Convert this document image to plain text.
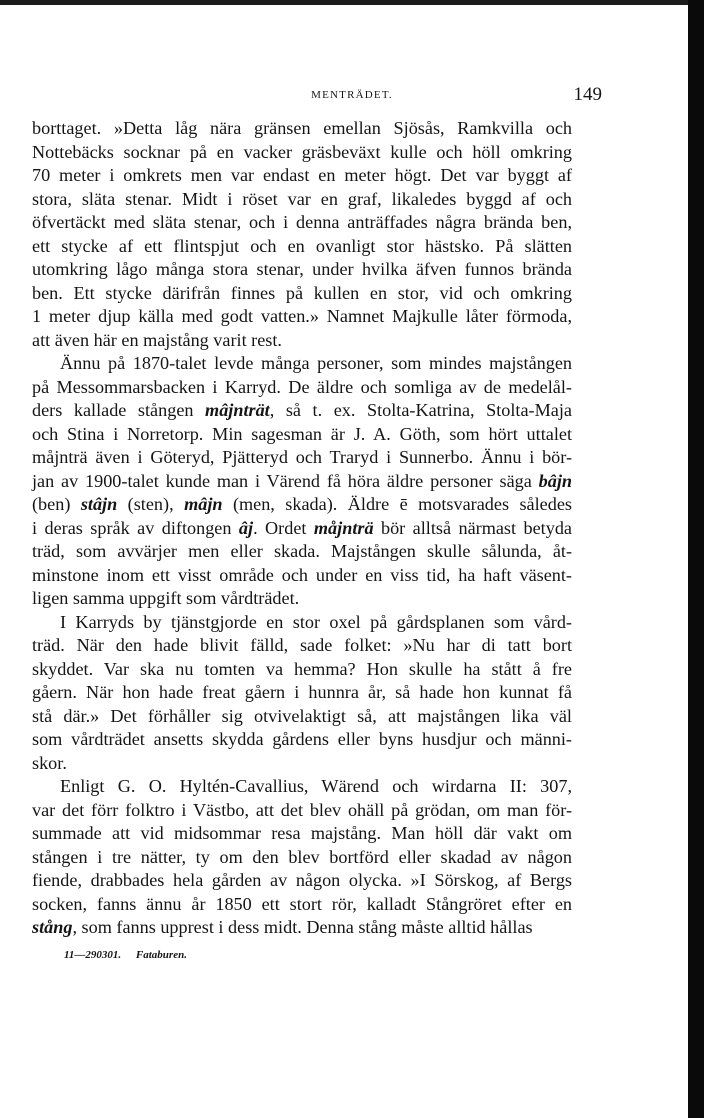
MENTRÄDET.	149
borttaget. »Detta låg nära gränsen emellan Sjösås, Ramkvilla och
Nottebäcks socknar på en vacker gräsbeväxt kulle och höll omkring
70 meter i omkrets men var endast en meter högt. Det var byggt af
stora, släta stenar. Midt i röset var en graf, likaledes byggd af och
öfvertäckt med släta stenar, och i denna anträffades några brända ben,
ett stycke af ett flintspjut och en ovanligt stor hästsko. På slätten
utomkring lågo många stora stenar, under hvilka äfven funnos brända
ben. Ett stycke därifrån finnes på kullen en stor, vid och omkring
1 meter djup källa med godt vatten.» Namnet Majkulle låter förmoda,
att även här en majstång varit rest.
Ännu på 1870-talet levde många personer, som mindes majstången
på Messommarsbacken i Karryd. De äldre och somliga av de medelål-
ders kallade stången mâjnträt, så t. ex. Stolta-Katrina, Stolta-Maja
och Stina i Norretorp. Min sagesman är J. A. Göth, som hört uttalet
måjnträ även i Göteryd, Pjätteryd och Traryd i Sunnerbo. Ännu i bör-
jan av 1900-talet kunde man i Värend få höra äldre personer säga bâjn
(ben) stâjn (sten), mâjn (men, skada). Äldre ē motsvarades således
i deras språk av diftongen âj. Ordet måjnträ bör alltså närmast betyda
träd, som avvärjer men eller skada. Majstången skulle sålunda, åt-
minstone inom ett visst område och under en viss tid, ha haft väsent-
ligen samma uppgift som vårdträdet.
I Karryds by tjänstgjorde en stor oxel på gårdsplanen som vård-
träd. När den hade blivit fälld, sade folket: »Nu har di tatt bort
skyddet. Var ska nu tomten va hemma? Hon skulle ha stått å fre
gåern. När hon hade freat gåern i hunnra år, så hade hon kunnat få
stå där.» Det förhåller sig otvivelaktigt så, att majstången lika väl
som vårdträdet ansetts skydda gårdens eller byns husdjur och männi-
skor.
Enligt G. O. Hyltén-Cavallius, Wärend och wirdarna II: 307,
var det förr folktro i Västbo, att det blev ohäll på grödan, om man för-
summade att vid midsommar resa majstång. Man höll där vakt om
stången i tre nätter, ty om den blev bortförd eller skadad av någon
fiende, drabbades hela gården av någon olycka. »I Sörskog, af Bergs
socken, fanns ännu år 1850 ett stort rör, kalladt Stångröret efter en
stång, som fanns upprest i dess midt. Denna stång måste alltid hållas
11—290301. Fataburen.
